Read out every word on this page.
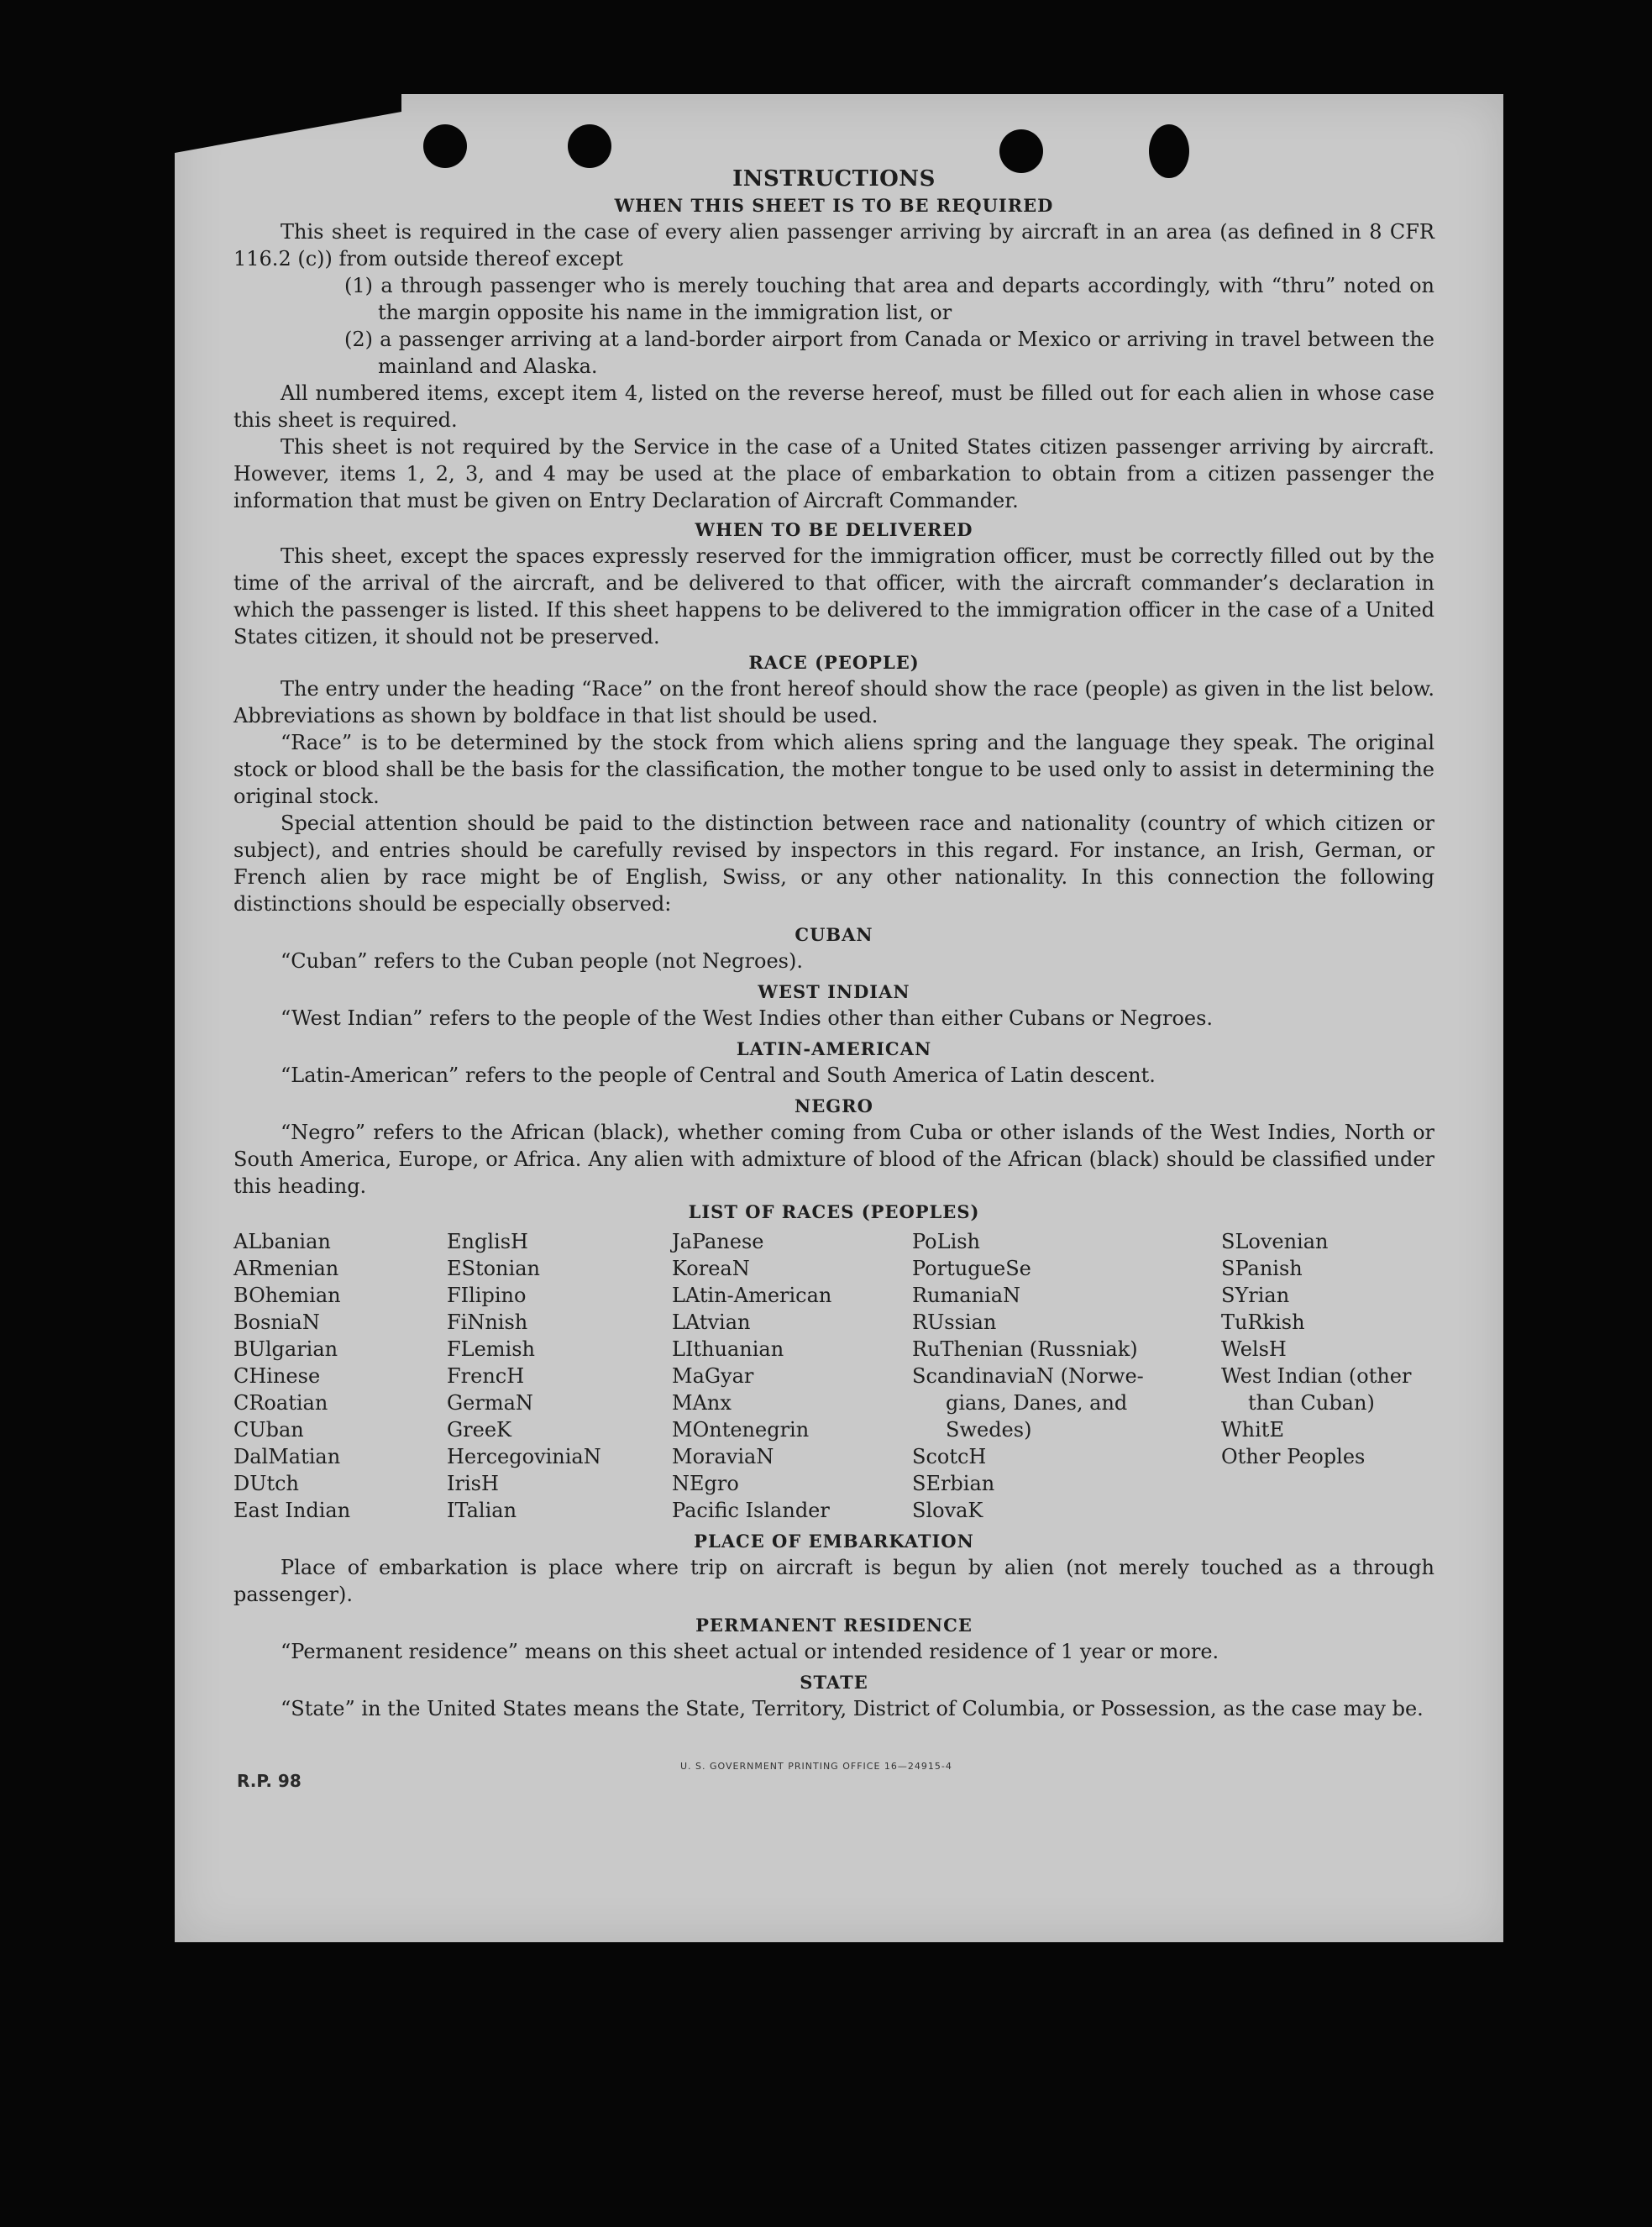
INSTRUCTIONS
WHEN THIS SHEET IS TO BE REQUIRED

This sheet is required in the case of every alien passenger arriving by aircraft in an area (as defined in 8 CFR 116.2 (c)) from outside thereof except

(1) a through passenger who is merely touching that area and departs accordingly, with “thru” noted on the margin opposite his name in the immigration list, or
(2) a passenger arriving at a land-border airport from Canada or Mexico or arriving in travel between the mainland and Alaska.

All numbered items, except item 4, listed on the reverse hereof, must be filled out for each alien in whose case this sheet is required.

This sheet is not required by the Service in the case of a United States citizen passenger arriving by aircraft. However, items 1, 2, 3, and 4 may be used at the place of embarkation to obtain from a citizen passenger the information that must be given on Entry Declaration of Aircraft Commander.

WHEN TO BE DELIVERED

This sheet, except the spaces expressly reserved for the immigration officer, must be correctly filled out by the time of the arrival of the aircraft, and be delivered to that officer, with the aircraft commander’s declaration in which the passenger is listed. If this sheet happens to be delivered to the immigration officer in the case of a United States citizen, it should not be preserved.

RACE (PEOPLE)

The entry under the heading “Race” on the front hereof should show the race (people) as given in the list below. Abbreviations as shown by boldface in that list should be used.

“Race” is to be determined by the stock from which aliens spring and the language they speak. The original stock or blood shall be the basis for the classification, the mother tongue to be used only to assist in determining the original stock.

Special attention should be paid to the distinction between race and nationality (country of which citizen or subject), and entries should be carefully revised by inspectors in this regard. For instance, an Irish, German, or French alien by race might be of English, Swiss, or any other nationality. In this connection the following distinctions should be especially observed:

CUBAN

“Cuban” refers to the Cuban people (not Negroes).

WEST INDIAN

“West Indian” refers to the people of the West Indies other than either Cubans or Negroes.

LATIN-AMERICAN

“Latin-American” refers to the people of Central and South America of Latin descent.

NEGRO

“Negro” refers to the African (black), whether coming from Cuba or other islands of the West Indies, North or South America, Europe, or Africa. Any alien with admixture of blood of the African (black) should be classified under this heading.

LIST OF RACES (PEOPLES)
ALbanian
ARmenian
BOhemian
BosniaN
BUlgarian
CHinese
CRoatian
CUban
DalMatian
DUtch
East Indian

EnglisH
EStonian
FIlipino
FiNnish
FLemish
FrencH
GermaN
GreeK
HercegoviniaN
IrisH
ITalian

JaPanese
KoreaN
LAtin-American
LAtvian
LIthuanian
MaGyar
MAnx
MOntenegrin
MoraviaN
NEgro
Pacific Islander

PoLish
PortugueSe
RumaniaN
RUssian
RuThenian (Russniak)
ScandinaviaN (Norwe-
gians, Danes, and
Swedes)
ScotcH
SErbian
SlovaK

SLovenian
SPanish
SYrian
TuRkish
WelsH
West Indian (other
than Cuban)
WhitE
Other Peoples
PLACE OF EMBARKATION

Place of embarkation is place where trip on aircraft is begun by alien (not merely touched as a through passenger).

PERMANENT RESIDENCE

“Permanent residence” means on this sheet actual or intended residence of 1 year or more.

STATE

“State” in the United States means the State, Territory, District of Columbia, or Possession, as the case may be.

R.P. 98
U. S. GOVERNMENT PRINTING OFFICE 16—24915-4
